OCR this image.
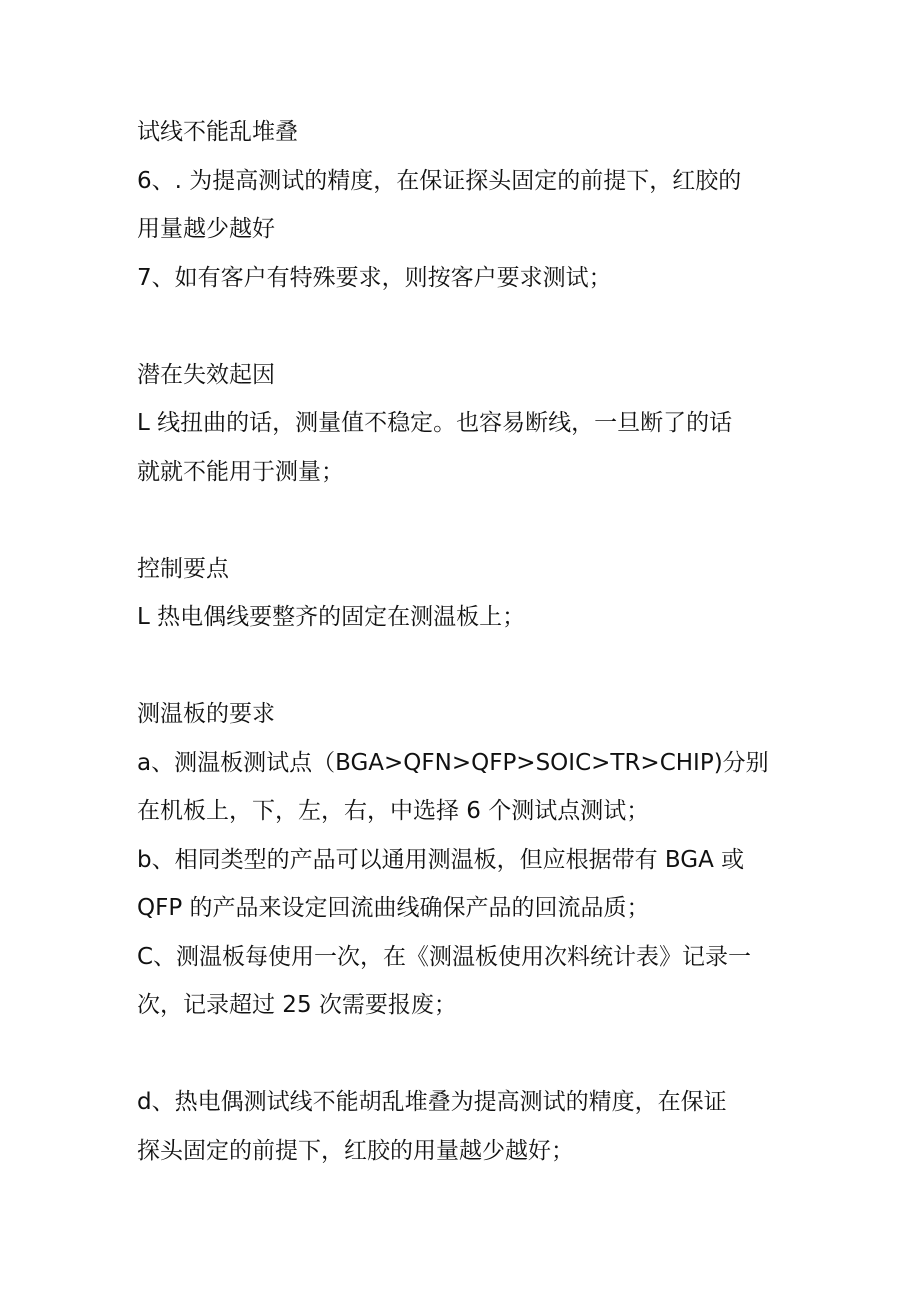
试线不能乱堆叠
6、. 为提高测试的精度，在保证探头固定的前提下，红胶的
用量越少越好
7、如有客户有特殊要求，则按客户要求测试；
潜在失效起因
L 线扭曲的话，测量值不稳定。也容易断线，一旦断了的话
就就不能用于测量；
控制要点
L 热电偶线要整齐的固定在测温板上；
测温板的要求
a、测温板测试点（BGA>QFN>QFP>SOIC>TR>CHIP)分别
在机板上，下，左，右，中选择 6 个测试点测试；
b、相同类型的产品可以通用测温板，但应根据带有 BGA 或
QFP 的产品来设定回流曲线确保产品的回流品质；
C、测温板每使用一次，在《测温板使用次料统计表》记录一
次，记录超过 25 次需要报废；
d、热电偶测试线不能胡乱堆叠为提高测试的精度，在保证
探头固定的前提下，红胶的用量越少越好；
